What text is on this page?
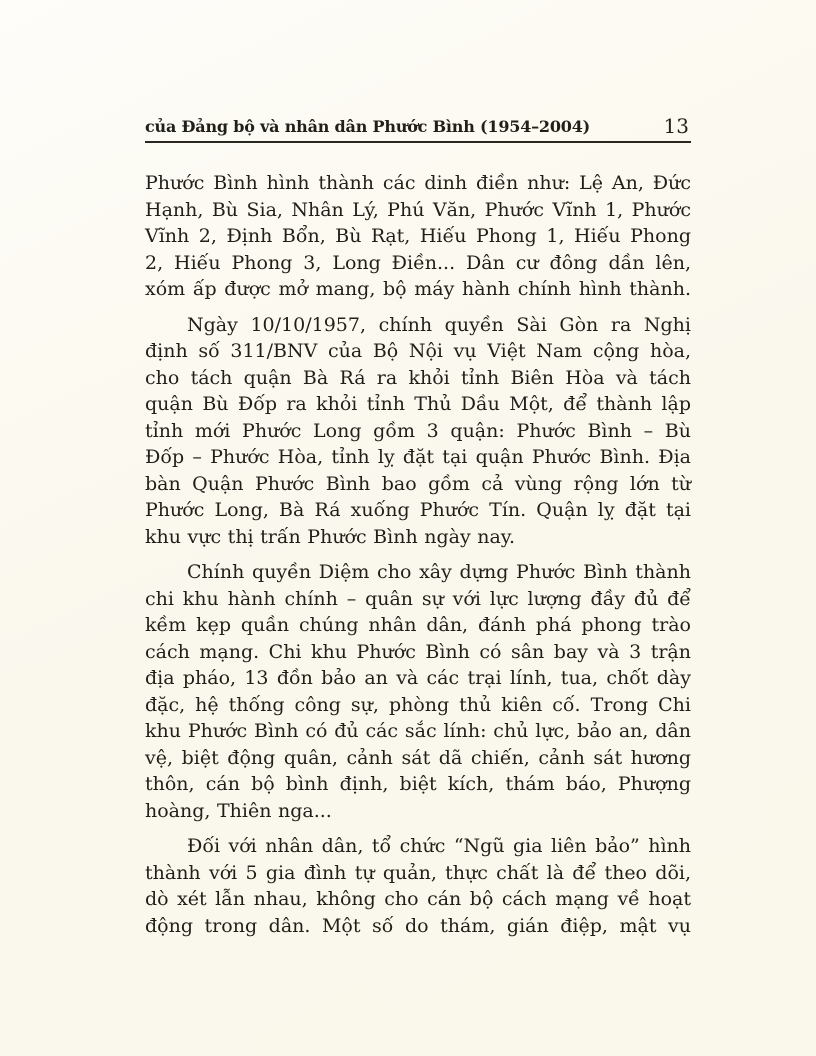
của Đảng bộ và nhân dân Phước Bình (1954–2004)	13

Phước Bình hình thành các dinh điền như: Lệ An, Đức
Hạnh, Bù Sia, Nhân Lý, Phú Văn, Phước Vĩnh 1, Phước
Vĩnh 2, Định Bổn, Bù Rạt, Hiếu Phong 1, Hiếu Phong
2, Hiếu Phong 3, Long Điền... Dân cư đông dần lên,
xóm ấp được mở mang, bộ máy hành chính hình thành.

Ngày 10/10/1957, chính quyền Sài Gòn ra Nghị
định số 311/BNV của Bộ Nội vụ Việt Nam cộng hòa,
cho tách quận Bà Rá ra khỏi tỉnh Biên Hòa và tách
quận Bù Đốp ra khỏi tỉnh Thủ Dầu Một, để thành lập
tỉnh mới Phước Long gồm 3 quận: Phước Bình – Bù
Đốp – Phước Hòa, tỉnh lỵ đặt tại quận Phước Bình. Địa
bàn Quận Phước Bình bao gồm cả vùng rộng lớn từ
Phước Long, Bà Rá xuống Phước Tín. Quận lỵ đặt tại
khu vực thị trấn Phước Bình ngày nay.

Chính quyền Diệm cho xây dựng Phước Bình thành
chi khu hành chính – quân sự với lực lượng đầy đủ để
kềm kẹp quần chúng nhân dân, đánh phá phong trào
cách mạng. Chi khu Phước Bình có sân bay và 3 trận
địa pháo, 13 đồn bảo an và các trại lính, tua, chốt dày
đặc, hệ thống công sự, phòng thủ kiên cố. Trong Chi
khu Phước Bình có đủ các sắc lính: chủ lực, bảo an, dân
vệ, biệt động quân, cảnh sát dã chiến, cảnh sát hương
thôn, cán bộ bình định, biệt kích, thám báo, Phượng
hoàng, Thiên nga...

Đối với nhân dân, tổ chức “Ngũ gia liên bảo” hình
thành với 5 gia đình tự quản, thực chất là để theo dõi,
dò xét lẫn nhau, không cho cán bộ cách mạng về hoạt
động trong dân. Một số do thám, gián điệp, mật vụ
